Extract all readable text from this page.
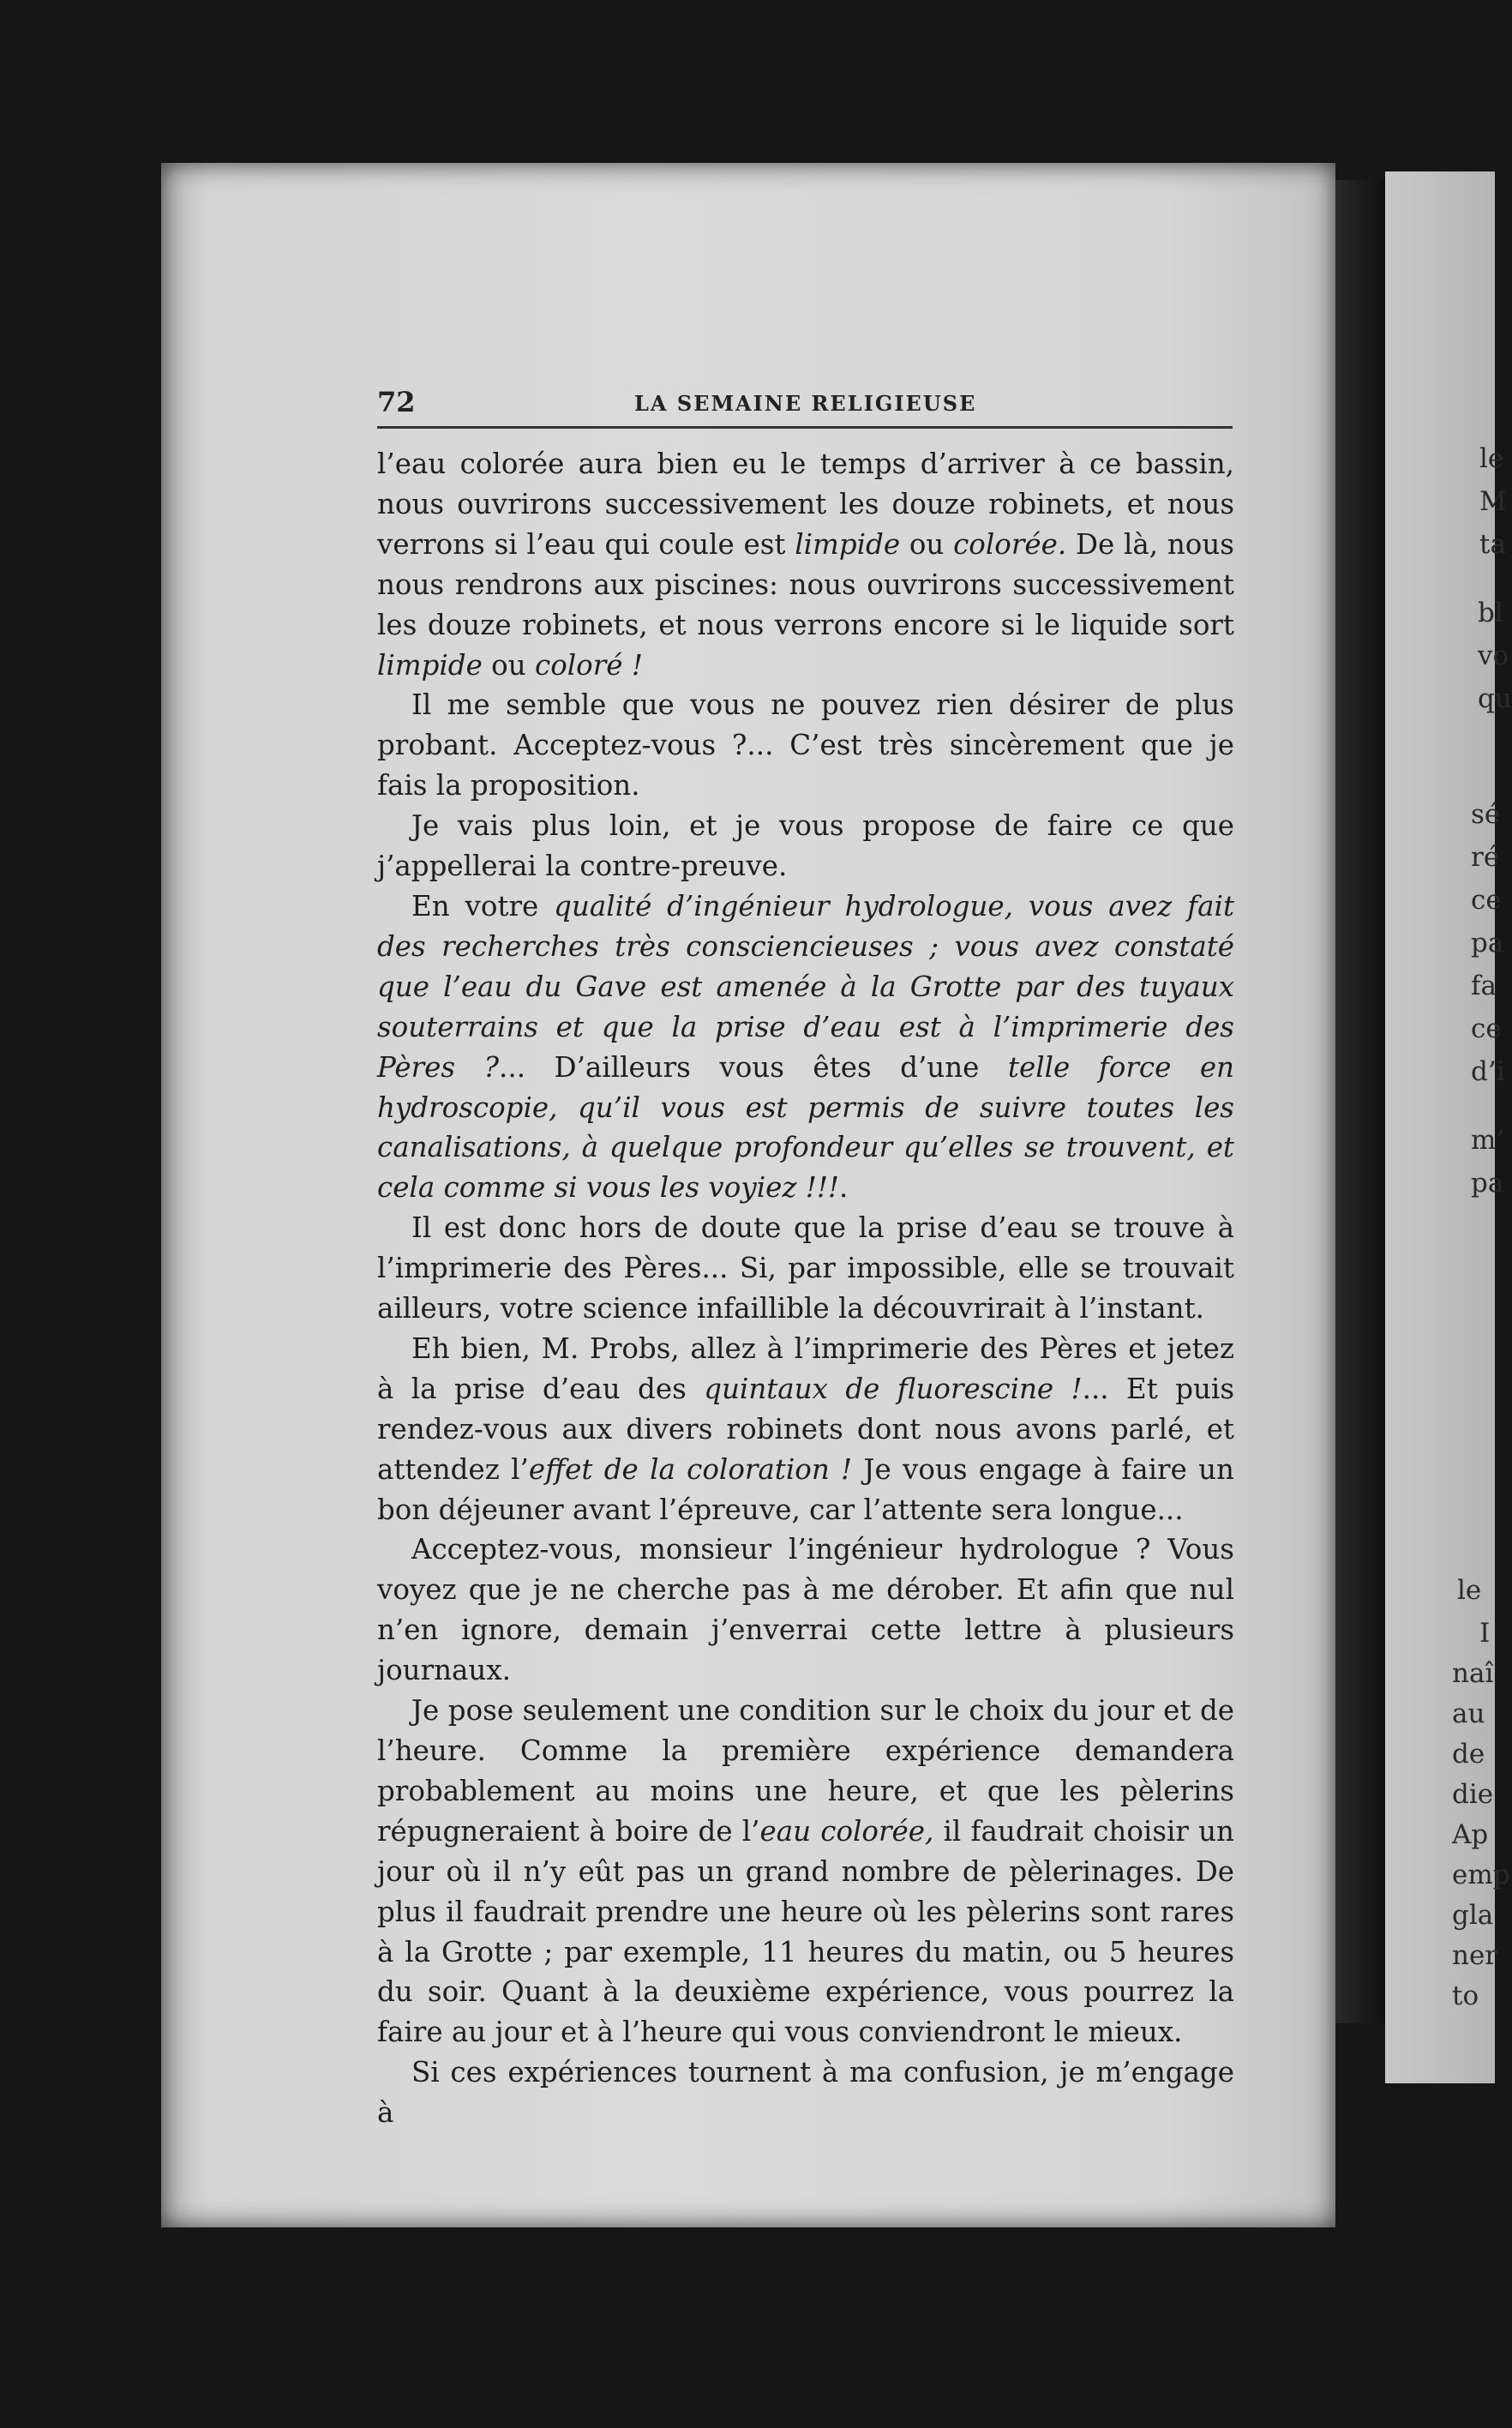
le
M
ta
bl
vo
qu
sé
ré
ce
pa
fa
ce
d’i
m’
pa
le
I
naî
au
de
die
Ap
emp
gla
ner
to
72	LA SEMAINE RELIGIEUSE

l’eau colorée aura bien eu le temps d’arriver à ce bassin, nous ouvrirons successivement les douze robinets, et nous verrons si l’eau qui coule est limpide ou colorée. De là, nous nous rendrons aux piscines: nous ouvrirons successivement les douze robinets, et nous verrons encore si le liquide sort limpide ou coloré !

Il me semble que vous ne pouvez rien désirer de plus probant. Acceptez-vous ?... C’est très sincèrement que je fais la proposition.

Je vais plus loin, et je vous propose de faire ce que j’appellerai la contre-preuve.

En votre qualité d’ingénieur hydrologue, vous avez fait des recherches très consciencieuses ; vous avez constaté que l’eau du Gave est amenée à la Grotte par des tuyaux souterrains et que la prise d’eau est à l’imprimerie des Pères ?... D’ailleurs vous êtes d’une telle force en hydroscopie, qu’il vous est permis de suivre toutes les canalisations, à quelque profondeur qu’elles se trouvent, et cela comme si vous les voyiez !!!.

Il est donc hors de doute que la prise d’eau se trouve à l’imprimerie des Pères... Si, par impossible, elle se trouvait ailleurs, votre science infaillible la découvrirait à l’instant.

Eh bien, M. Probs, allez à l’imprimerie des Pères et jetez à la prise d’eau des quintaux de fluorescine !... Et puis rendez-vous aux divers robinets dont nous avons parlé, et attendez l’effet de la coloration ! Je vous engage à faire un bon déjeuner avant l’épreuve, car l’attente sera longue...

Acceptez-vous, monsieur l’ingénieur hydrologue ? Vous voyez que je ne cherche pas à me dérober. Et afin que nul n’en ignore, demain j’enverrai cette lettre à plusieurs journaux.

Je pose seulement une condition sur le choix du jour et de l’heure. Comme la première expérience demandera probablement au moins une heure, et que les pèlerins répugneraient à boire de l’eau colorée, il faudrait choisir un jour où il n’y eût pas un grand nombre de pèlerinages. De plus il faudrait prendre une heure où les pèlerins sont rares à la Grotte ; par exemple, 11 heures du matin, ou 5 heures du soir. Quant à la deuxième expérience, vous pourrez la faire au jour et à l’heure qui vous conviendront le mieux.

Si ces expériences tournent à ma confusion, je m’engage à
